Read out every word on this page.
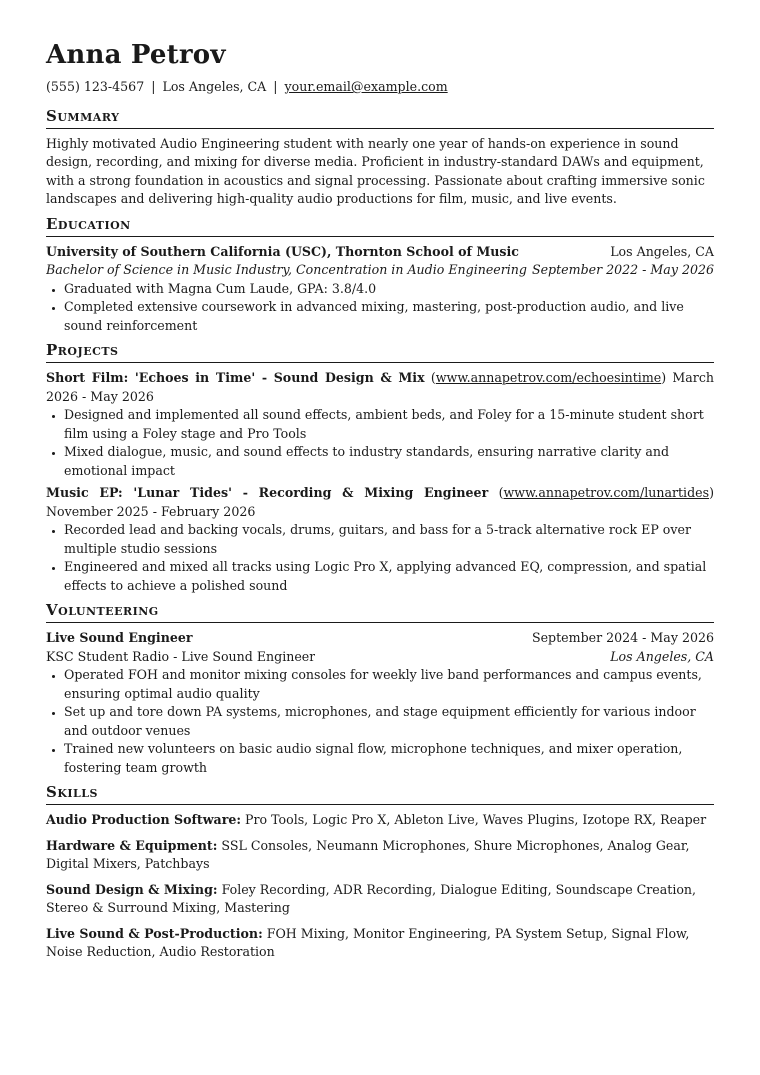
Anna Petrov
(555) 123-4567 | Los Angeles, CA | your.email@example.com
Summary

Highly motivated Audio Engineering student with nearly one year of hands-on experience in sound design, recording, and mixing for diverse media. Proficient in industry-standard DAWs and equipment, with a strong foundation in acoustics and signal processing. Passionate about crafting immersive sonic landscapes and delivering high-quality audio productions for film, music, and live events.

Education
University of Southern California (USC), Thornton School of Music	Los Angeles, CA
Bachelor of Science in Music Industry, Concentration in Audio Engineering September 2022 - May 2026
• Graduated with Magna Cum Laude, GPA: 3.8/4.0
• Completed extensive coursework in advanced mixing, mastering, post-production audio, and live sound reinforcement
Projects
Short Film: 'Echoes in Time' - Sound Design & Mix (www.annapetrov.com/echoesintime) March 2026 - May 2026
• Designed and implemented all sound effects, ambient beds, and Foley for a 15-minute student short film using a Foley stage and Pro Tools
• Mixed dialogue, music, and sound effects to industry standards, ensuring narrative clarity and emotional impact
Music EP: 'Lunar Tides' - Recording & Mixing Engineer (www.annapetrov.com/lunartides) November 2025 - February 2026
• Recorded lead and backing vocals, drums, guitars, and bass for a 5-track alternative rock EP over multiple studio sessions
• Engineered and mixed all tracks using Logic Pro X, applying advanced EQ, compression, and spatial effects to achieve a polished sound
Volunteering
Live Sound Engineer	September 2024 - May 2026
KSC Student Radio - Live Sound Engineer	Los Angeles, CA
• Operated FOH and monitor mixing consoles for weekly live band performances and campus events, ensuring optimal audio quality
• Set up and tore down PA systems, microphones, and stage equipment efficiently for various indoor and outdoor venues
• Trained new volunteers on basic audio signal flow, microphone techniques, and mixer operation, fostering team growth
Skills

Audio Production Software: Pro Tools, Logic Pro X, Ableton Live, Waves Plugins, Izotope RX, Reaper

Hardware & Equipment: SSL Consoles, Neumann Microphones, Shure Microphones, Analog Gear, Digital Mixers, Patchbays

Sound Design & Mixing: Foley Recording, ADR Recording, Dialogue Editing, Soundscape Creation, Stereo & Surround Mixing, Mastering

Live Sound & Post-Production: FOH Mixing, Monitor Engineering, PA System Setup, Signal Flow, Noise Reduction, Audio Restoration
